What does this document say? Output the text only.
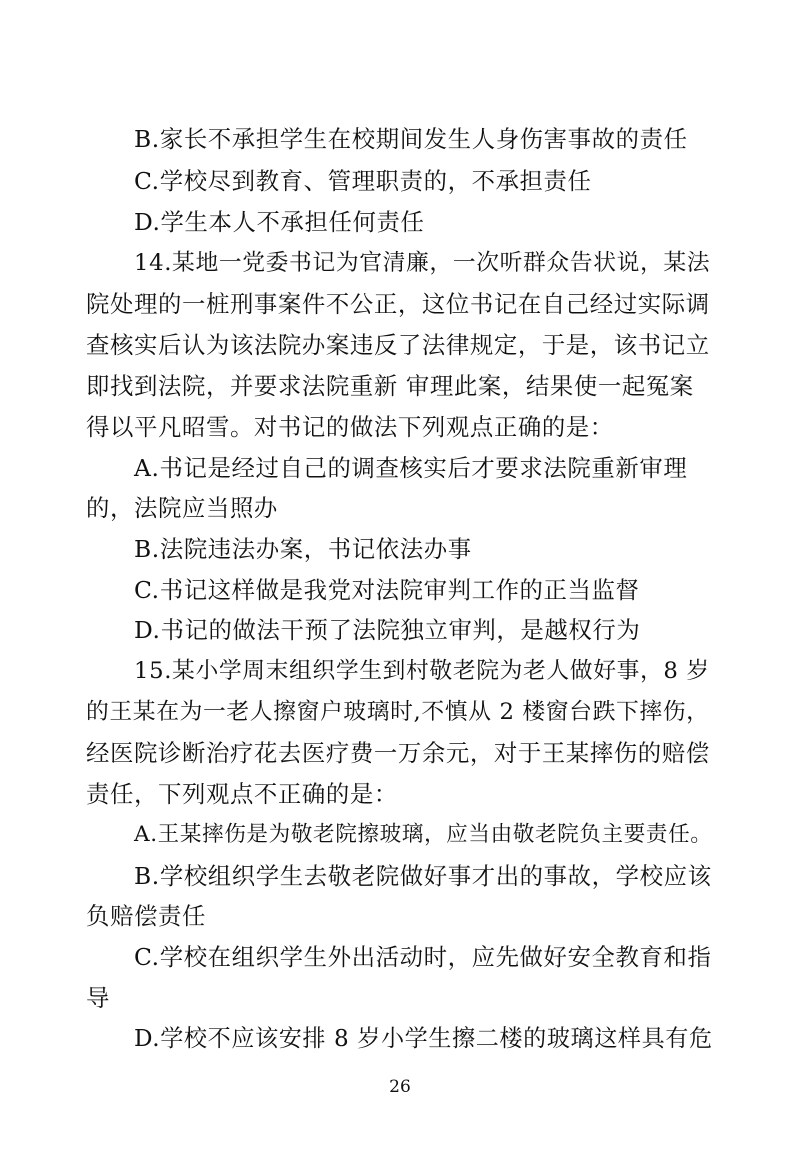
B.家长不承担学生在校期间发生人身伤害事故的责任
C.学校尽到教育、管理职责的，不承担责任
D.学生本人不承担任何责任
14.某地一党委书记为官清廉，一次听群众告状说，某法
院处理的一桩刑事案件不公正，这位书记在自己经过实际调
查核实后认为该法院办案违反了法律规定，于是，该书记立
即找到法院，并要求法院重新 审理此案，结果使一起冤案
得以平凡昭雪。对书记的做法下列观点正确的是：
A.书记是经过自己的调查核实后才要求法院重新审理
的，法院应当照办
B.法院违法办案，书记依法办事
C.书记这样做是我党对法院审判工作的正当监督
D.书记的做法干预了法院独立审判，是越权行为
15.某小学周末组织学生到村敬老院为老人做好事，8 岁
的王某在为一老人擦窗户玻璃时,不慎从 2 楼窗台跌下摔伤，
经医院诊断治疗花去医疗费一万余元，对于王某摔伤的赔偿
责任，下列观点不正确的是：
A.王某摔伤是为敬老院擦玻璃，应当由敬老院负主要责任。
B.学校组织学生去敬老院做好事才出的事故，学校应该
负赔偿责任
C.学校在组织学生外出活动时，应先做好安全教育和指
导
D.学校不应该安排 8 岁小学生擦二楼的玻璃这样具有危
26
